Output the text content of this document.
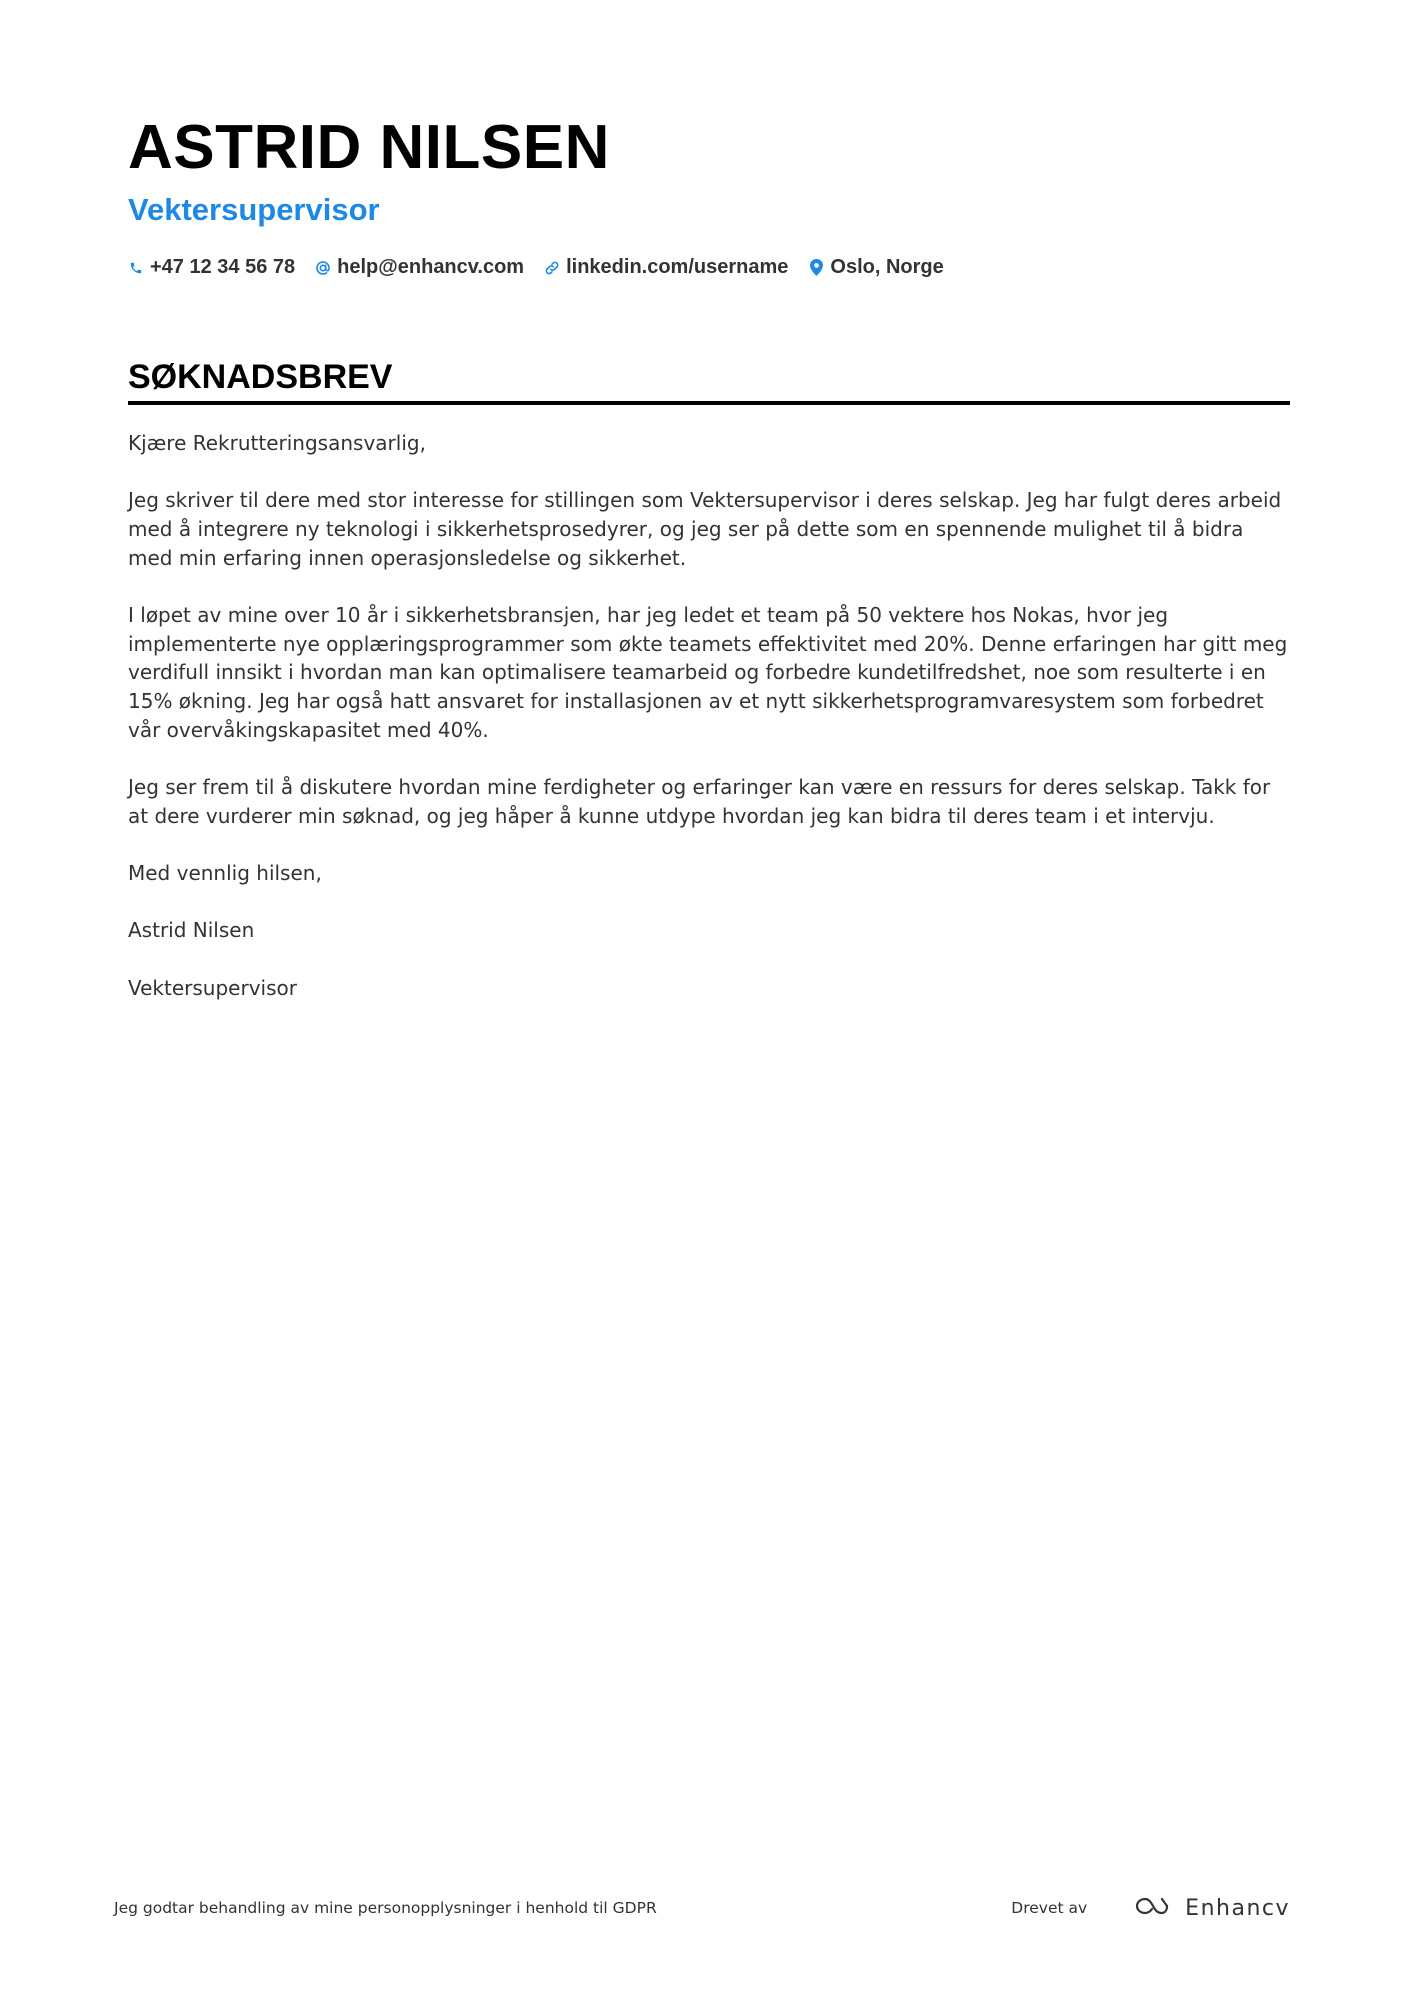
ASTRID NILSEN
Vektersupervisor
+47 12 34 56 78 help@enhancv.com linkedin.com/username Oslo, Norge
SØKNADSBREV

Kjære Rekrutteringsansvarlig,

Jeg skriver til dere med stor interesse for stillingen som Vektersupervisor i deres selskap. Jeg har fulgt deres arbeid med å integrere ny teknologi i sikkerhetsprosedyrer, og jeg ser på dette som en spennende mulighet til å bidra med min erfaring innen operasjonsledelse og sikkerhet.

I løpet av mine over 10 år i sikkerhetsbransjen, har jeg ledet et team på 50 vektere hos Nokas, hvor jeg implementerte nye opplæringsprogrammer som økte teamets effektivitet med 20%. Denne erfaringen har gitt meg verdifull innsikt i hvordan man kan optimalisere teamarbeid og forbedre kundetilfredshet, noe som resulterte i en 15% økning. Jeg har også hatt ansvaret for installasjonen av et nytt sikkerhetsprogramvaresystem som forbedret vår overvåkingskapasitet med 40%.

Jeg ser frem til å diskutere hvordan mine ferdigheter og erfaringer kan være en ressurs for deres selskap. Takk for at dere vurderer min søknad, og jeg håper å kunne utdype hvordan jeg kan bidra til deres team i et intervju.

Med vennlig hilsen,

Astrid Nilsen

Vektersupervisor

Jeg godtar behandling av mine personopplysninger i henhold til GDPR	Drevet av	Enhancv
